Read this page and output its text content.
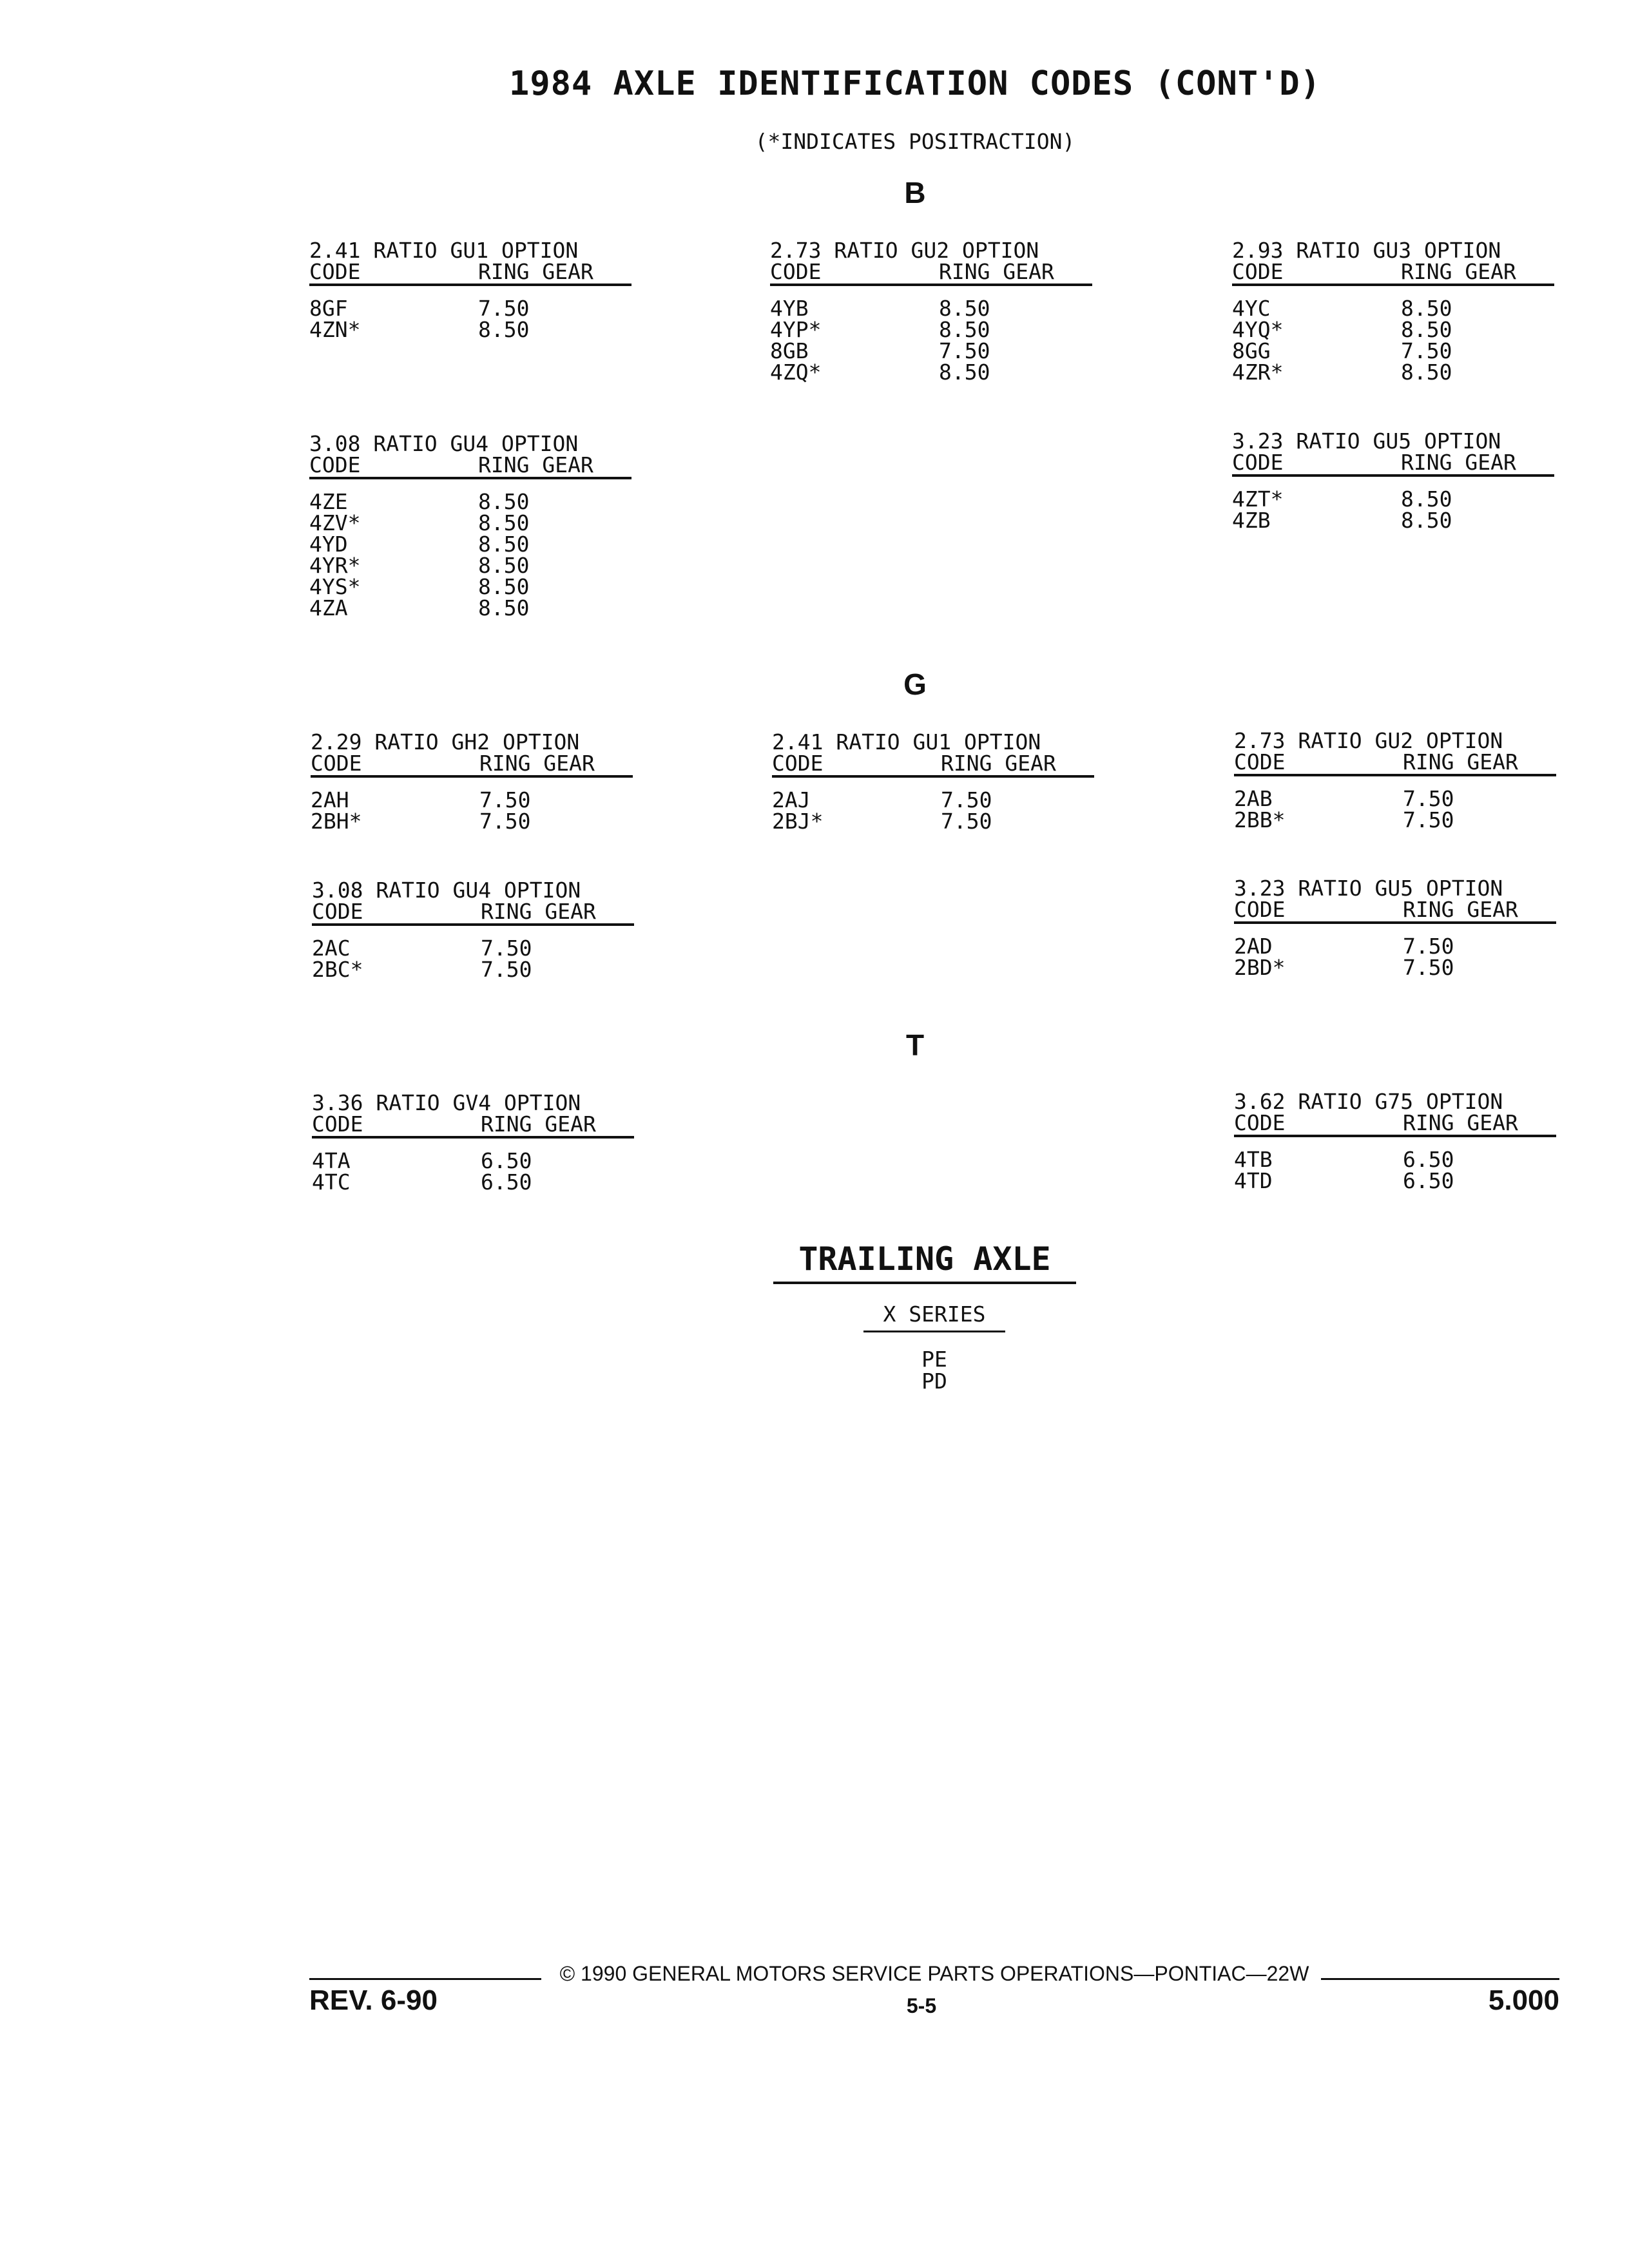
1984 AXLE IDENTIFICATION CODES (CONT'D)
(*INDICATES POSITRACTION)
B
2.41 RATIO GU1 OPTION
CODE	RING GEAR
8GF	7.50
4ZN*	8.50
2.73 RATIO GU2 OPTION
CODE	RING GEAR
4YB	8.50
4YP*	8.50
8GB	7.50
4ZQ*	8.50
2.93 RATIO GU3 OPTION
CODE	RING GEAR
4YC	8.50
4YQ*	8.50
8GG	7.50
4ZR*	8.50
3.08 RATIO GU4 OPTION
CODE	RING GEAR
4ZE	8.50
4ZV*	8.50
4YD	8.50
4YR*	8.50
4YS*	8.50
4ZA	8.50
3.23 RATIO GU5 OPTION
CODE	RING GEAR
4ZT*	8.50
4ZB	8.50
G
2.29 RATIO GH2 OPTION
CODE	RING GEAR
2AH	7.50
2BH*	7.50
2.41 RATIO GU1 OPTION
CODE	RING GEAR
2AJ	7.50
2BJ*	7.50
2.73 RATIO GU2 OPTION
CODE	RING GEAR
2AB	7.50
2BB*	7.50
3.08 RATIO GU4 OPTION
CODE	RING GEAR
2AC	7.50
2BC*	7.50
3.23 RATIO GU5 OPTION
CODE	RING GEAR
2AD	7.50
2BD*	7.50
T
3.36 RATIO GV4 OPTION
CODE	RING GEAR
4TA	6.50
4TC	6.50
3.62 RATIO G75 OPTION
CODE	RING GEAR
4TB	6.50
4TD	6.50
TRAILING AXLE
X SERIES
PE
PD
© 1990 GENERAL MOTORS SERVICE PARTS OPERATIONS—PONTIAC—22W
REV. 6-90	5-5	5.000
